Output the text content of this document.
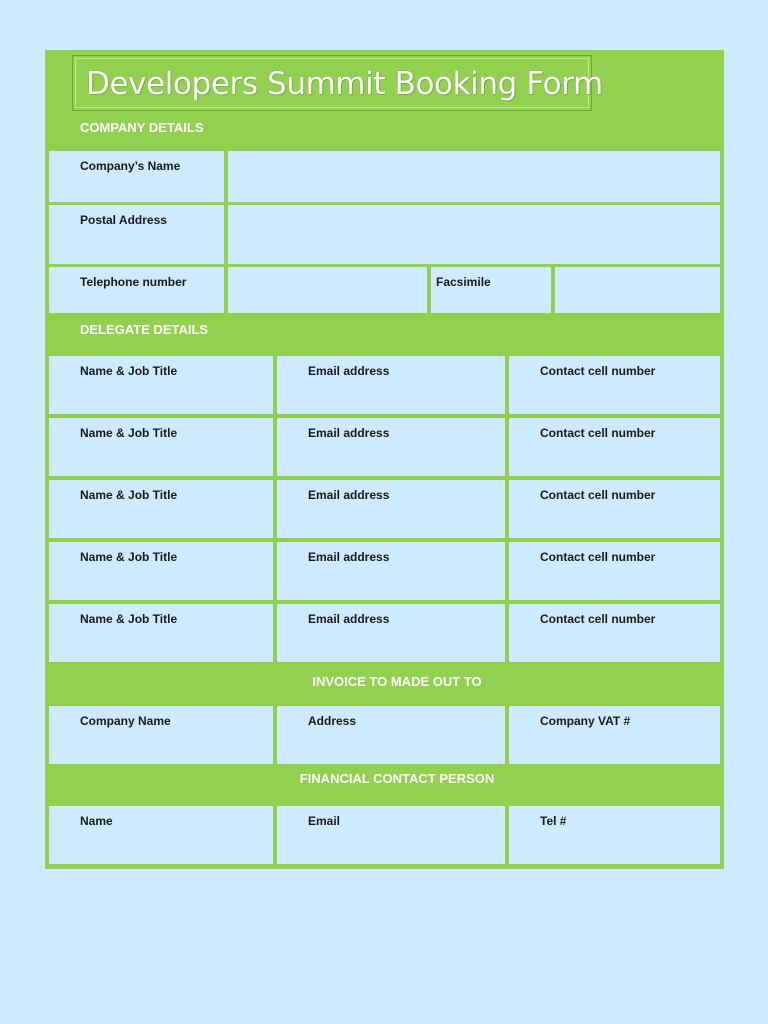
Developers Summit Booking Form
COMPANY DETAILS
Company’s Name
Postal Address
Telephone number	Facsimile
DELEGATE DETAILS
Name & Job Title	Email address	Contact cell number
Name & Job Title	Email address	Contact cell number
Name & Job Title	Email address	Contact cell number
Name & Job Title	Email address	Contact cell number
Name & Job Title	Email address	Contact cell number
INVOICE TO MADE OUT TO
Company Name	Address	Company VAT #
FINANCIAL CONTACT PERSON
Name	Email	Tel #
